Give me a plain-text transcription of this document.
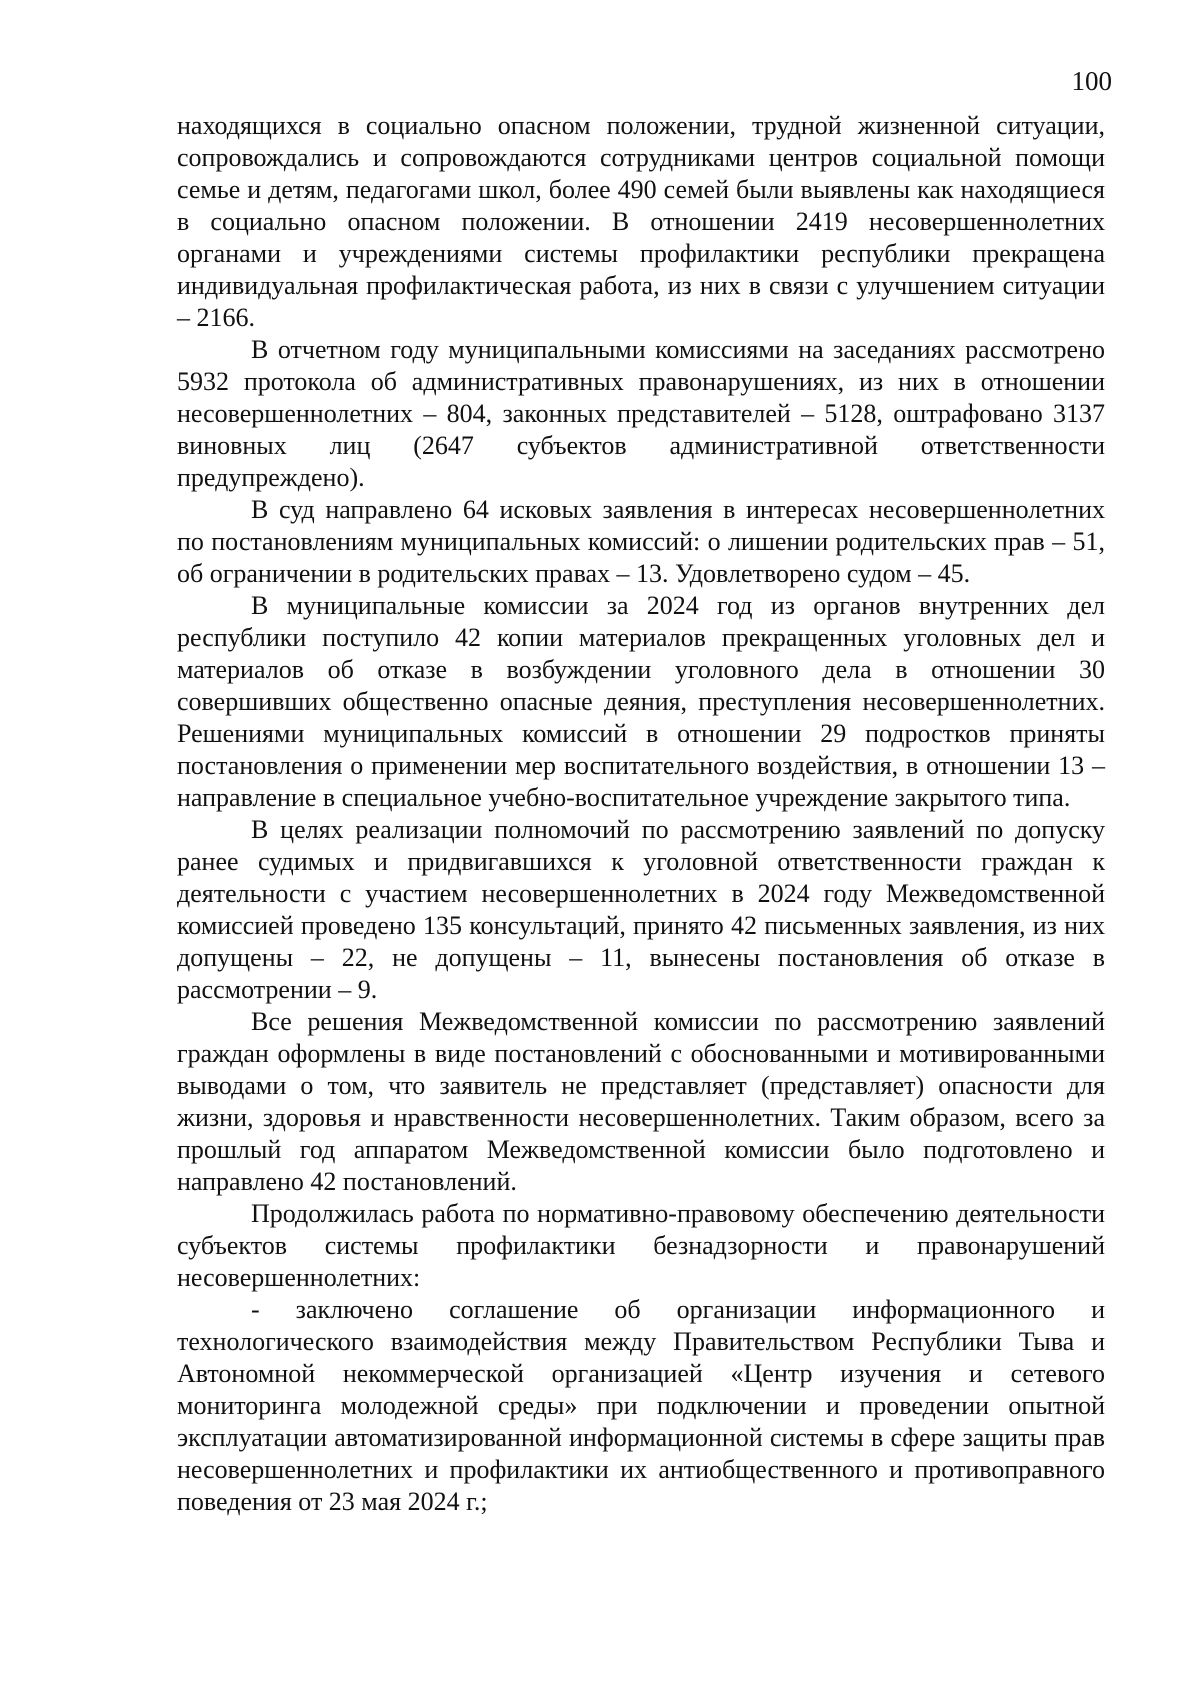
100

находящихся в социально опасном положении, трудной жизненной ситуации, сопровождались и сопровождаются сотрудниками центров социальной помощи семье и детям, педагогами школ, более 490 семей были выявлены как находящиеся в социально опасном положении. В отношении 2419 несовершеннолетних органами и учреждениями системы профилактики республики прекращена индивидуальная профилактическая работа, из них в связи с улучшением ситуации – 2166.

В отчетном году муниципальными комиссиями на заседаниях рассмотрено 5932 протокола об административных правонарушениях, из них в отношении несовершеннолетних – 804, законных представителей – 5128, оштрафовано 3137 виновных лиц (2647 субъектов административной ответственности предупреждено).

В суд направлено 64 исковых заявления в интересах несовершеннолетних по постановлениям муниципальных комиссий: о лишении родительских прав – 51, об ограничении в родительских правах – 13. Удовлетворено судом – 45.

В муниципальные комиссии за 2024 год из органов внутренних дел республики поступило 42 копии материалов прекращенных уголовных дел и материалов об отказе в возбуждении уголовного дела в отношении 30 совершивших общественно опасные деяния, преступления несовершеннолетних. Решениями муниципальных комиссий в отношении 29 подростков приняты постановления о применении мер воспитательного воздействия, в отношении 13 – направление в специальное учебно-воспитательное учреждение закрытого типа.

В целях реализации полномочий по рассмотрению заявлений по допуску ранее судимых и придвигавшихся к уголовной ответственности граждан к деятельности с участием несовершеннолетних в 2024 году Межведомственной комиссией проведено 135 консультаций, принято 42 письменных заявления, из них допущены – 22, не допущены – 11, вынесены постановления об отказе в рассмотрении – 9.

Все решения Межведомственной комиссии по рассмотрению заявлений граждан оформлены в виде постановлений с обоснованными и мотивированными выводами о том, что заявитель не представляет (представляет) опасности для жизни, здоровья и нравственности несовершеннолетних. Таким образом, всего за прошлый год аппаратом Межведомственной комиссии было подготовлено и направлено 42 постановлений.

Продолжилась работа по нормативно-правовому обеспечению деятельности субъектов системы профилактики безнадзорности и правонарушений несовершеннолетних:

- заключено соглашение об организации информационного и технологического взаимодействия между Правительством Республики Тыва и Автономной некоммерческой организацией «Центр изучения и сетевого мониторинга молодежной среды» при подключении и проведении опытной эксплуатации автоматизированной информационной системы в сфере защиты прав несовершеннолетних и профилактики их антиобщественного и противоправного поведения от 23 мая 2024 г.;
